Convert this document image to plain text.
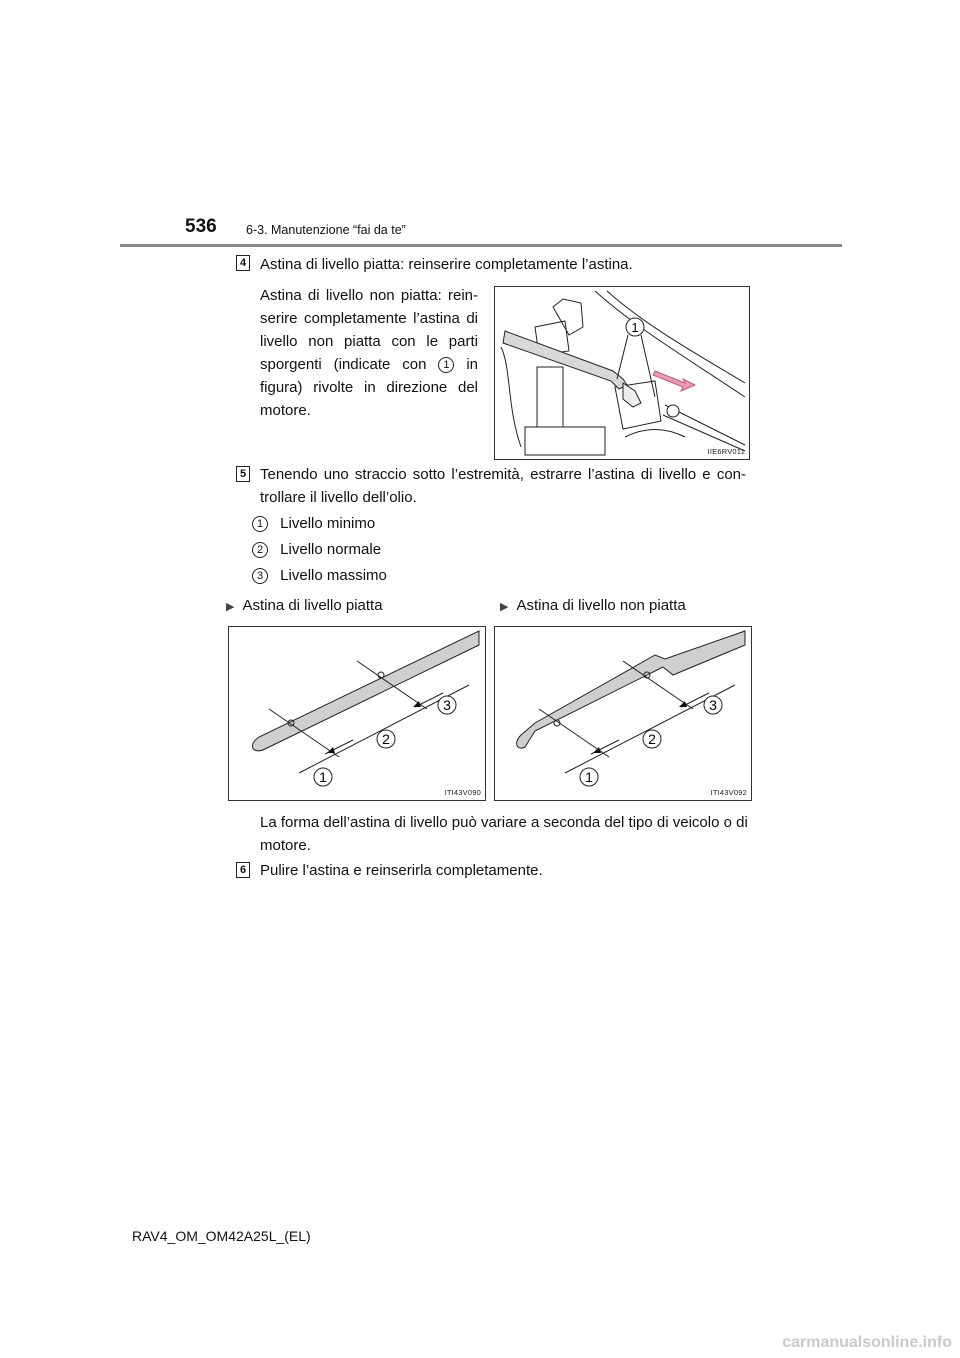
536 6-3. Manutenzione “fai da te”
4 Astina di livello piatta: reinserire completamente l’astina.
Astina di livello non piatta: rein-serire completamente l’astina di livello non piatta con le parti sporgenti (indicate con 1 in figura) rivolte in direzione del motore.
1
IIE6RV011
5 Tenendo uno straccio sotto l’estremità, estrarre l’astina di livello e con-trollare il livello dell’olio.
1 Livello minimo
2 Livello normale
3 Livello massimo
▶ Astina di livello piatta	▶ Astina di livello non piatta
1
2
3
ITI43V090
1
2
3
ITI43V092
La forma dell’astina di livello può variare a seconda del tipo di veicolo o di motore.
6 Pulire l’astina e reinserirla completamente.
RAV4_OM_OM42A25L_(EL)
carmanualsonline.info
